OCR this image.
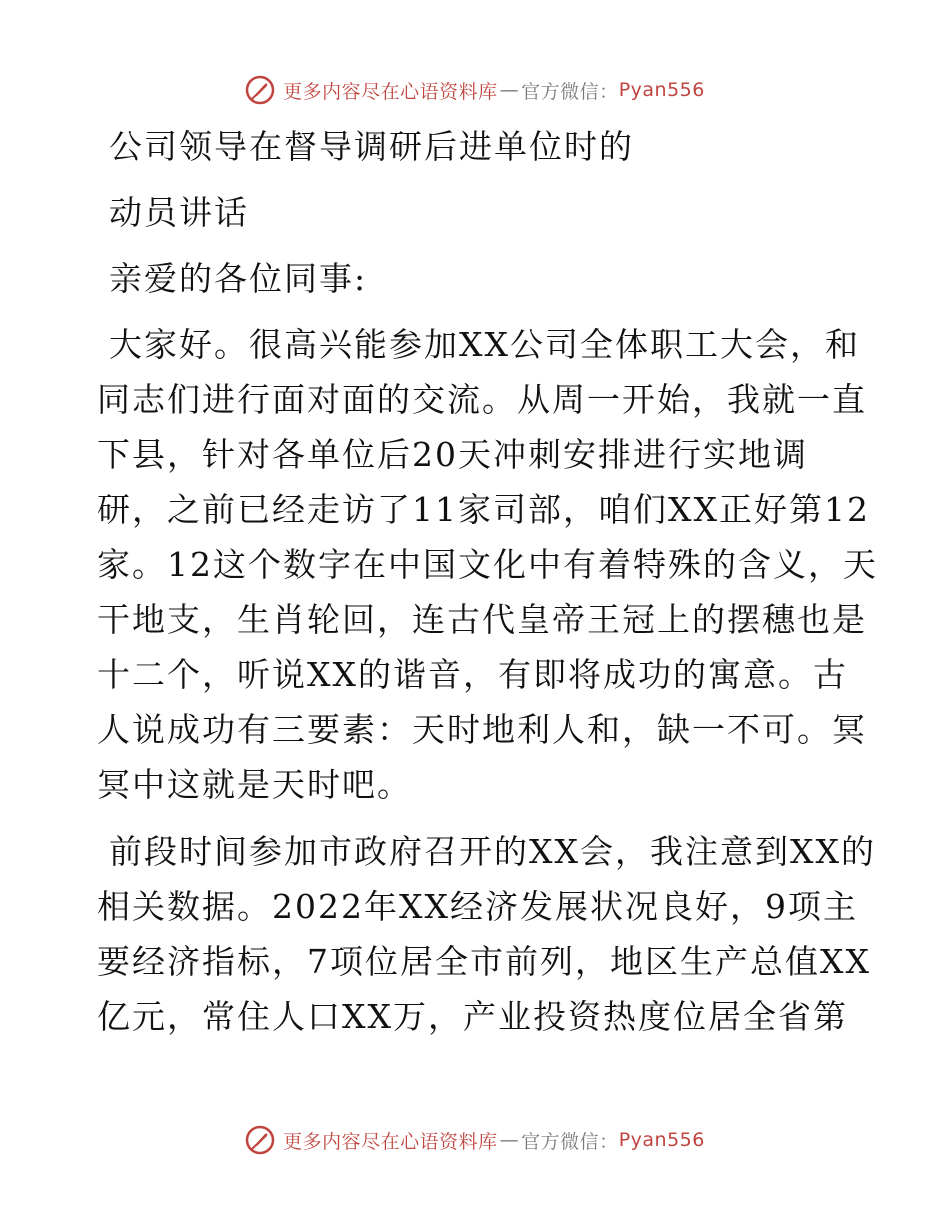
更多内容尽在心语资料库 — 官方微信： Pyan556
公司领导在督导调研后进单位时的
动员讲话
亲爱的各位同事:
大家好。很高兴能参加XX公司全体职工大会，和
同志们进行面对面的交流。从周一开始，我就一直
下县，针对各单位后20天冲刺安排进行实地调
研，之前已经走访了11家司部，咱们XX正好第12
家。12这个数字在中国文化中有着特殊的含义，天
干地支，生肖轮回，连古代皇帝王冠上的摆穗也是
十二个，听说XX的谐音，有即将成功的寓意。古
人说成功有三要素：天时地利人和，缺一不可。冥
冥中这就是天时吧。
前段时间参加市政府召开的XX会，我注意到XX的
相关数据。2022年XX经济发展状况良好，9项主
要经济指标，7项位居全市前列，地区生产总值XX
亿元，常住人口XX万，产业投资热度位居全省第
更多内容尽在心语资料库 — 官方微信： Pyan556
